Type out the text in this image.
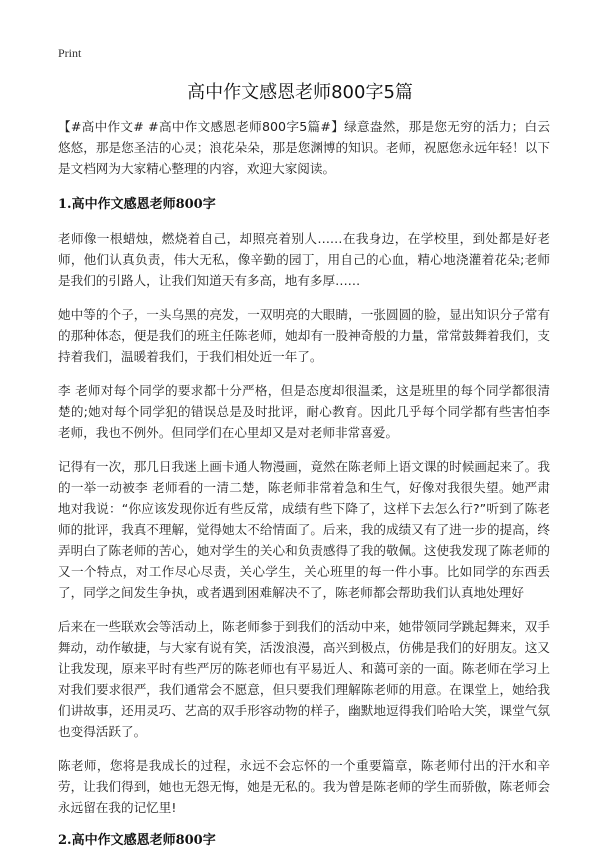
Print
高中作文感恩老师800字5篇

【#高中作文# #高中作文感恩老师800字5篇#】绿意盎然，那是您无穷的活力；白云悠悠，那是您圣洁的心灵；浪花朵朵，那是您渊博的知识。老师，祝愿您永远年轻！以下是文档网为大家精心整理的内容，欢迎大家阅读。

1.高中作文感恩老师800字

老师像一根蜡烛，燃烧着自己，却照亮着别人……在我身边，在学校里，到处都是好老师，他们认真负责，伟大无私，像辛勤的园丁，用自己的心血，精心地浇灌着花朵;老师是我们的引路人，让我们知道天有多高，地有多厚……

她中等的个子，一头乌黑的亮发，一双明亮的大眼睛，一张圆圆的脸，显出知识分子常有的那种体态，便是我们的班主任陈老师，她却有一股神奇般的力量，常常鼓舞着我们，支持着我们，温暖着我们，于我们相处近一年了。

李 老师对每个同学的要求都十分严格，但是态度却很温柔，这是班里的每个同学都很清楚的;她对每个同学犯的错误总是及时批评，耐心教育。因此几乎每个同学都有些害怕李 老师，我也不例外。但同学们在心里却又是对老师非常喜爱。

记得有一次，那几日我迷上画卡通人物漫画，竟然在陈老师上语文课的时候画起来了。我的一举一动被李 老师看的一清二楚，陈老师非常着急和生气，好像对我很失望。她严肃地对我说：“你应该发现你近有些反常，成绩有些下降了，这样下去怎么行?”听到了陈老师的批评，我真不理解，觉得她太不给情面了。后来，我的成绩又有了进一步的提高，终弄明白了陈老师的苦心，她对学生的关心和负责感得了我的敬佩。这使我发现了陈老师的又一个特点，对工作尽心尽责，关心学生，关心班里的每一件小事。比如同学的东西丢了，同学之间发生争执，或者遇到困难解决不了，陈老师都会帮助我们认真地处理好

后来在一些联欢会等活动上，陈老师参于到我们的活动中来，她带领同学跳起舞来，双手舞动，动作敏捷，与大家有说有笑，活泼浪漫，高兴到极点，仿佛是我们的好朋友。这又让我发现，原来平时有些严厉的陈老师也有平易近人、和蔼可亲的一面。陈老师在学习上对我们要求很严，我们通常会不愿意，但只要我们理解陈老师的用意。在课堂上，她给我们讲故事，还用灵巧、艺高的双手形容动物的样子，幽默地逗得我们哈哈大笑，课堂气氛也变得活跃了。

陈老师，您将是我成长的过程，永远不会忘怀的一个重要篇章，陈老师付出的汗水和辛劳，让我们得到，她也无怨无悔，她是无私的。我为曾是陈老师的学生而骄傲，陈老师会永远留在我的记忆里!

2.高中作文感恩老师800字
